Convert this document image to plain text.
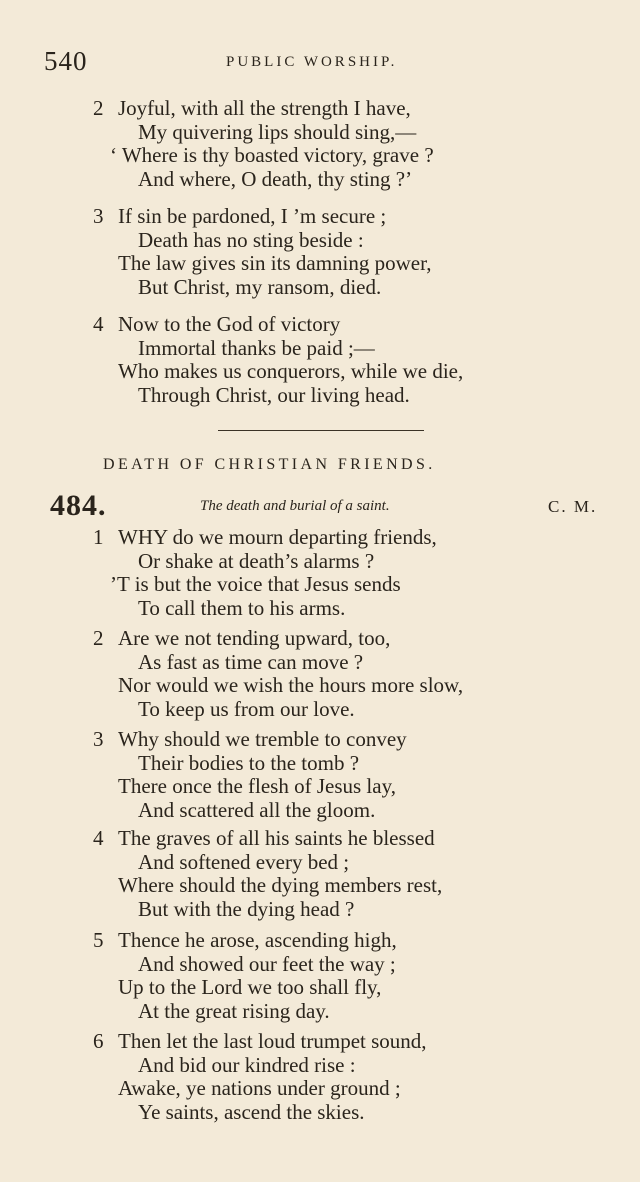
540	PUBLIC WORSHIP.
2 Joyful, with all the strength I have,
My quivering lips should sing,—
‘ Where is thy boasted victory, grave ?
And where, O death, thy sting ?’
3 If sin be pardoned, I ’m secure ;
Death has no sting beside :
The law gives sin its damning power,
But Christ, my ransom, died.
4 Now to the God of victory
Immortal thanks be paid ;—
Who makes us conquerors, while we die,
Through Christ, our living head.
DEATH OF CHRISTIAN FRIENDS.
484.	The death and burial of a saint.	C. M.
1 WHY do we mourn departing friends,
Or shake at death’s alarms ?
’T is but the voice that Jesus sends
To call them to his arms.
2 Are we not tending upward, too,
As fast as time can move ?
Nor would we wish the hours more slow,
To keep us from our love.
3 Why should we tremble to convey
Their bodies to the tomb ?
There once the flesh of Jesus lay,
And scattered all the gloom.
4 The graves of all his saints he blessed
And softened every bed ;
Where should the dying members rest,
But with the dying head ?
5 Thence he arose, ascending high,
And showed our feet the way ;
Up to the Lord we too shall fly,
At the great rising day.
6 Then let the last loud trumpet sound,
And bid our kindred rise :
Awake, ye nations under ground ;
Ye saints, ascend the skies.
